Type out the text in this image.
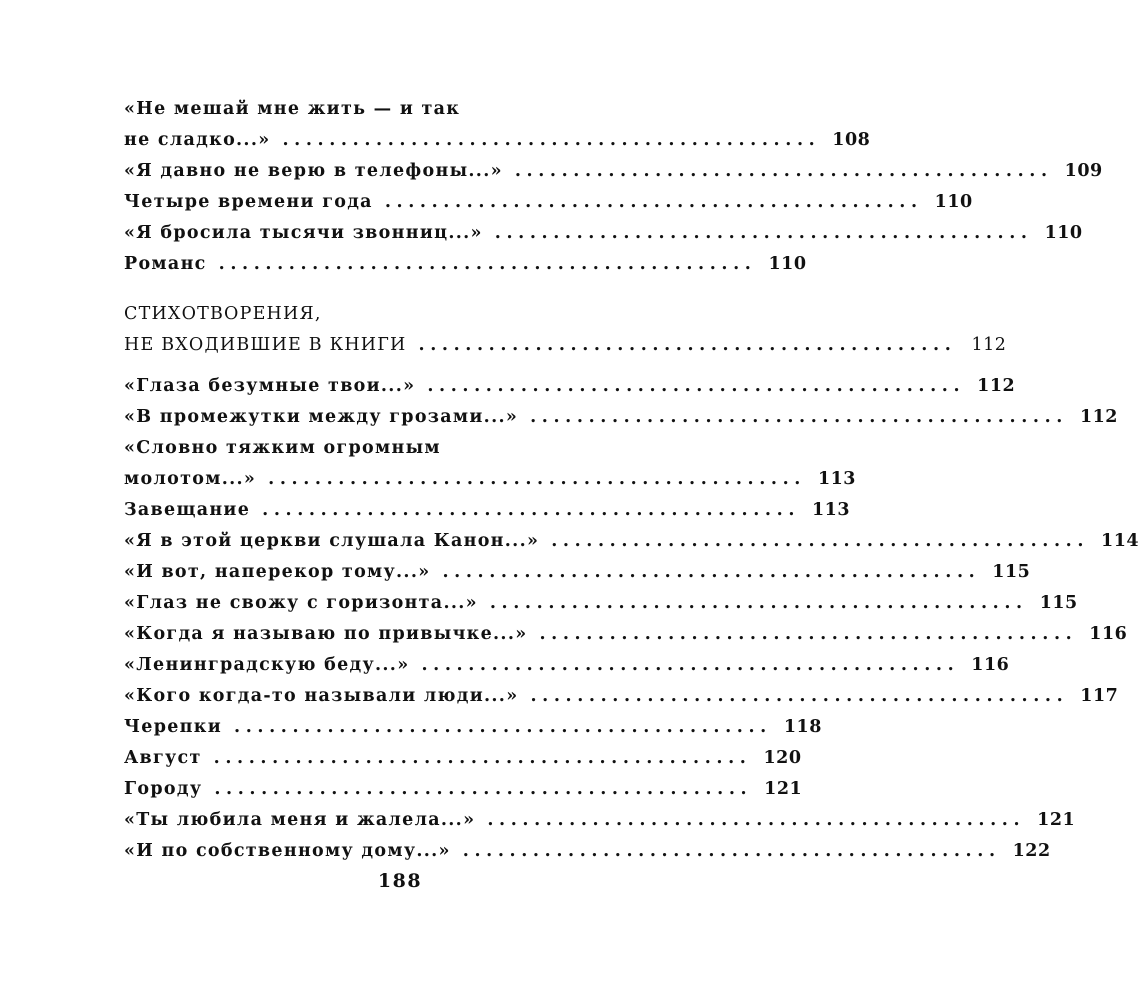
«Не мешай мне жить — и так
не сладко...» .............................................. 108
«Я давно не верю в телефоны...» .............................................. 109
Четыре времени года .............................................. 110
«Я бросила тысячи звонниц...» .............................................. 110
Романс .............................................. 110
СТИХОТВОРЕНИЯ,
НЕ ВХОДИВШИЕ В КНИГИ .............................................. 112
«Глаза безумные твои...» .............................................. 112
«В промежутки между грозами...» .............................................. 112
«Словно тяжким огромным
молотом...» .............................................. 113
Завещание .............................................. 113
«Я в этой церкви слушала Канон...» .............................................. 114
«И вот, наперекор тому...» .............................................. 115
«Глаз не свожу с горизонта...» .............................................. 115
«Когда я называю по привычке...» .............................................. 116
«Ленинградскую беду...» .............................................. 116
«Кого когда-то называли люди...» .............................................. 117
Черепки .............................................. 118
Август .............................................. 120
Городу .............................................. 121
«Ты любила меня и жалела...» .............................................. 121
«И по собственному дому...» .............................................. 122
188
